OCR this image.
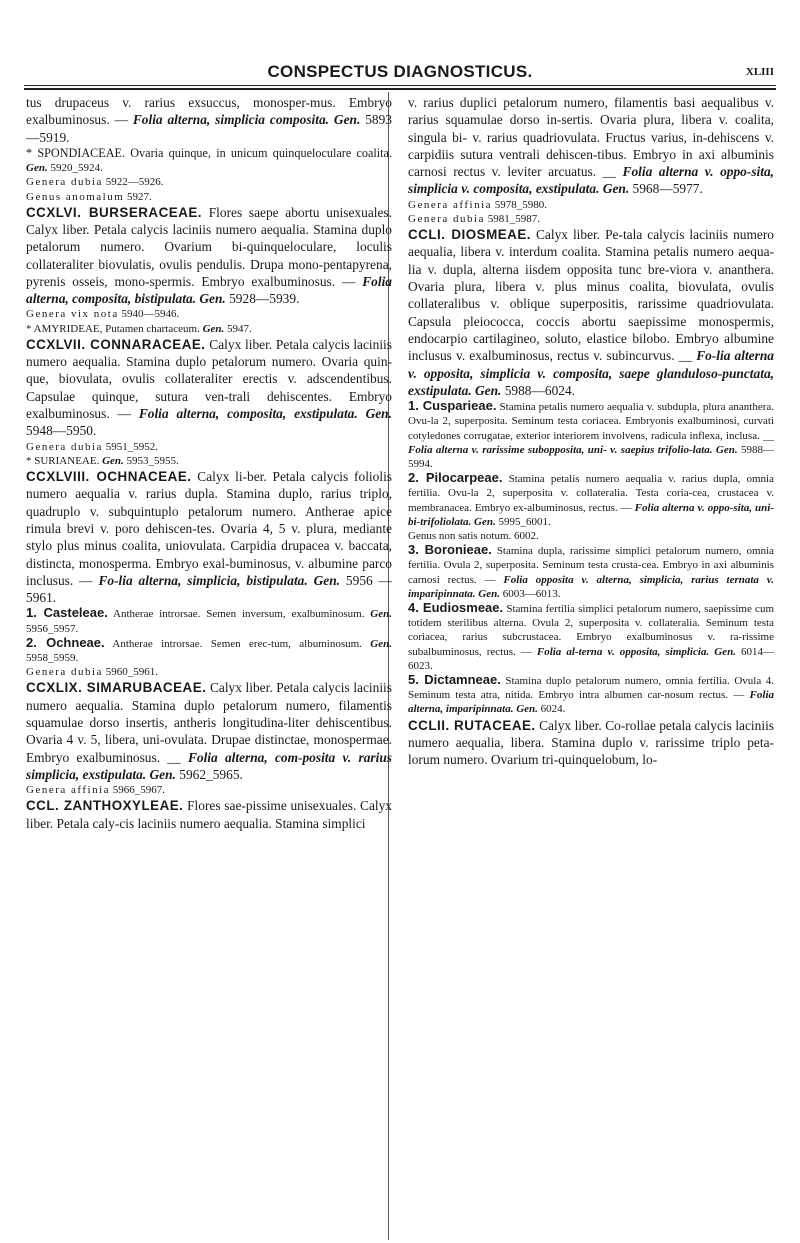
CONSPECTUS DIAGNOSTICUS.	XLIII

tus drupaceus v. rarius exsuccus, monosper-mus. Embryo exalbuminosus. — Folia alterna, simplicia composita. Gen. 5893—5919.

* SPONDIACEAE. Ovaria quinque, in unicum quinqueloculare coalita. Gen. 5920_5924.

Genera dubia 5922—5926.

Genus anomalum 5927.

CCXLVI. BURSERACEAE. Flores saepe abortu unisexuales. Calyx liber. Petala calycis laciniis numero aequalia. Stamina duplo petalorum numero. Ovarium bi-quinqueloculare, loculis collateraliter biovulatis, ovulis pendulis. Drupa mono-pentapyrena, pyrenis osseis, mono-spermis. Embryo exalbuminosus. — Folia alterna, composita, bistipulata. Gen. 5928—5939.

Genera vix nota 5940—5946.

* AMYRIDEAE, Putamen chartaceum. Gen. 5947.

CCXLVII. CONNARACEAE. Calyx liber. Petala calycis laciniis numero aequalia. Stamina duplo petalorum numero. Ovaria quin-que, biovulata, ovulis collateraliter erectis v. adscendentibus. Capsulae quinque, sutura ven-trali dehiscentes. Embryo exalbuminosus. — Folia alterna, composita, exstipulata. Gen. 5948—5950.

Genera dubia 5951_5952.

* SURIANEAE. Gen. 5953_5955.

CCXLVIII. OCHNACEAE. Calyx li-ber. Petala calycis foliolis numero aequalia v. rarius dupla. Stamina duplo, rarius triplo, quadruplo v. subquintuplo petalorum numero. Antherae apice rimula brevi v. poro dehiscen-tes. Ovaria 4, 5 v. plura, mediante stylo plus minus coalita, uniovulata. Carpidia drupacea v. baccata, distincta, monosperma. Embryo exal-buminosus, v. albumine parco inclusus. — Fo-lia alterna, simplicia, bistipulata. Gen. 5956 —5961.

1. Casteleae. Antherae introrsae. Semen inversum, exalbuminosum. Gen. 5956_5957.

2. Ochneae. Antherae introrsae. Semen erec-tum, albuminosum. Gen. 5958_5959.

Genera dubia 5960_5961.

CCXLIX. SIMARUBACEAE. Calyx liber. Petala calycis laciniis numero aequalia. Stamina duplo petalorum numero, filamentis squamulae dorso insertis, antheris longitudina-liter dehiscentibus. Ovaria 4 v. 5, libera, uni-ovulata. Drupae distinctae, monospermae. Embryo exalbuminosus. __ Folia alterna, com-posita v. rarius simplicia, exstipulata. Gen. 5962_5965.

Genera affinia 5966_5967.

CCL. ZANTHOXYLEAE. Flores sae-pissime unisexuales. Calyx liber. Petala caly-cis laciniis numero aequalia. Stamina simplici

v. rarius duplici petalorum numero, filamentis basi aequalibus v. rarius squamulae dorso in-sertis. Ovaria plura, libera v. coalita, singula bi- v. rarius quadriovulata. Fructus varius, in-dehiscens v. carpidiis sutura ventrali dehiscen-tibus. Embryo in axi albuminis carnosi rectus v. leviter arcuatus. __ Folia alterna v. oppo-sita, simplicia v. composita, exstipulata. Gen. 5968—5977.

Genera affinia 5978_5980.

Genera dubia 5981_5987.

CCLI. DIOSMEAE. Calyx liber. Pe-tala calycis laciniis numero aequalia, libera v. interdum coalita. Stamina petalis numero aequa-lia v. dupla, alterna iisdem opposita tunc bre-viora v. ananthera. Ovaria plura, libera v. plus minus coalita, biovulata, ovulis collateralibus v. oblique superpositis, rarissime quadriovulata. Capsula pleiococca, coccis abortu saepissime monospermis, endocarpio cartilagineo, soluto, elastice bilobo. Embryo albumine inclusus v. exalbuminosus, rectus v. subincurvus. __ Fo-lia alterna v. opposita, simplicia v. composita, saepe glanduloso-punctata, exstipulata. Gen. 5988—6024.

1. Cusparieae. Stamina petalis numero aequalia v. subdupla, plura ananthera. Ovu-la 2, superposita. Seminum testa coriacea. Embryonis exalbuminosi, curvati cotyledones corrugatae, exterior interiorem involvens, radicula inflexa, inclusa. __ Folia alterna v. rarissime subopposita, uni- v. saepius trifolio-lata. Gen. 5988—5994.

2. Pilocarpeae. Stamina petalis numero aequalia v. rarius dupla, omnia fertilia. Ovu-la 2, superposita v. collateralia. Testa coria-cea, crustacea v. membranacea. Embryo ex-albuminosus, rectus. — Folia alterna v. oppo-sita, uni-bi-trifoliolata. Gen. 5995_6001.

Genus non satis notum. 6002.

3. Boronieae. Stamina dupla, rarissime simplici petalorum numero, omnia fertilia. Ovula 2, superposita. Seminum testa crusta-cea. Embryo in axi albuminis carnosi rectus. — Folia opposita v. alterna, simplicia, rarius ternata v. imparipinnata. Gen. 6003—6013.

4. Eudiosmeae. Stamina fertilia simplici petalorum numero, saepissime cum totidem sterilibus alterna. Ovula 2, superposita v. collateralia. Seminum testa coriacea, rarius subcrustacea. Embryo exalbuminosus v. ra-rissime subalbuminosus, rectus. — Folia al-terna v. opposita, simplicia. Gen. 6014—6023.

5. Dictamneae. Stamina duplo petalorum numero, omnia fertilia. Ovula 4. Seminum testa atra, nitida. Embryo intra albumen car-nosum rectus. — Folia alterna, imparipinnata. Gen. 6024.

CCLII. RUTACEAE. Calyx liber. Co-rollae petala calycis laciniis numero aequalia, libera. Stamina duplo v. rarissime triplo peta-lorum numero. Ovarium tri-quinquelobum, lo-
